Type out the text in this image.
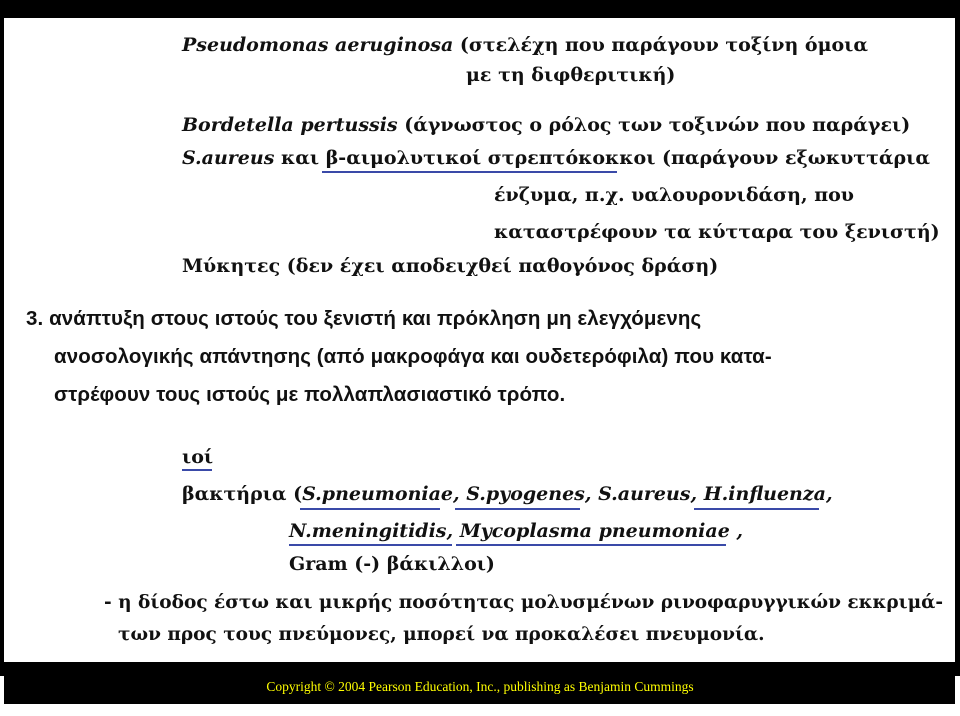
Pseudomonas aeruginosa (στελέχη που παράγουν τοξίνη όμοια
με τη διφθεριτική)
Bordetella pertussis (άγνωστος ο ρόλος των τοξινών που παράγει)
S.aureus και β-αιμολυτικοί στρεπτόκοκκοι (παράγουν εξωκυττάρια
ένζυμα, π.χ. υαλουρονιδάση, που
καταστρέφουν τα κύτταρα του ξενιστή)
Μύκητες (δεν έχει αποδειχθεί παθογόνος δράση)
3. ανάπτυξη στους ιστούς του ξενιστή και πρόκληση μη ελεγχόμενης
ανοσολογικής απάντησης (από μακροφάγα και ουδετερόφιλα) που κατα-
στρέφουν τους ιστούς με πολλαπλασιαστικό τρόπο.
ιοί
βακτήρια (S.pneumoniae, S.pyogenes, S.aureus, H.influenza,
N.meningitidis, Mycoplasma pneumoniae ,
Gram (-) βάκιλλοι)
- η δίοδος έστω και μικρής ποσότητας μολυσμένων ρινοφαρυγγικών εκκριμά-
των προς τους πνεύμονες, μπορεί να προκαλέσει πνευμονία.
Copyright © 2004 Pearson Education, Inc., publishing as Benjamin Cummings
